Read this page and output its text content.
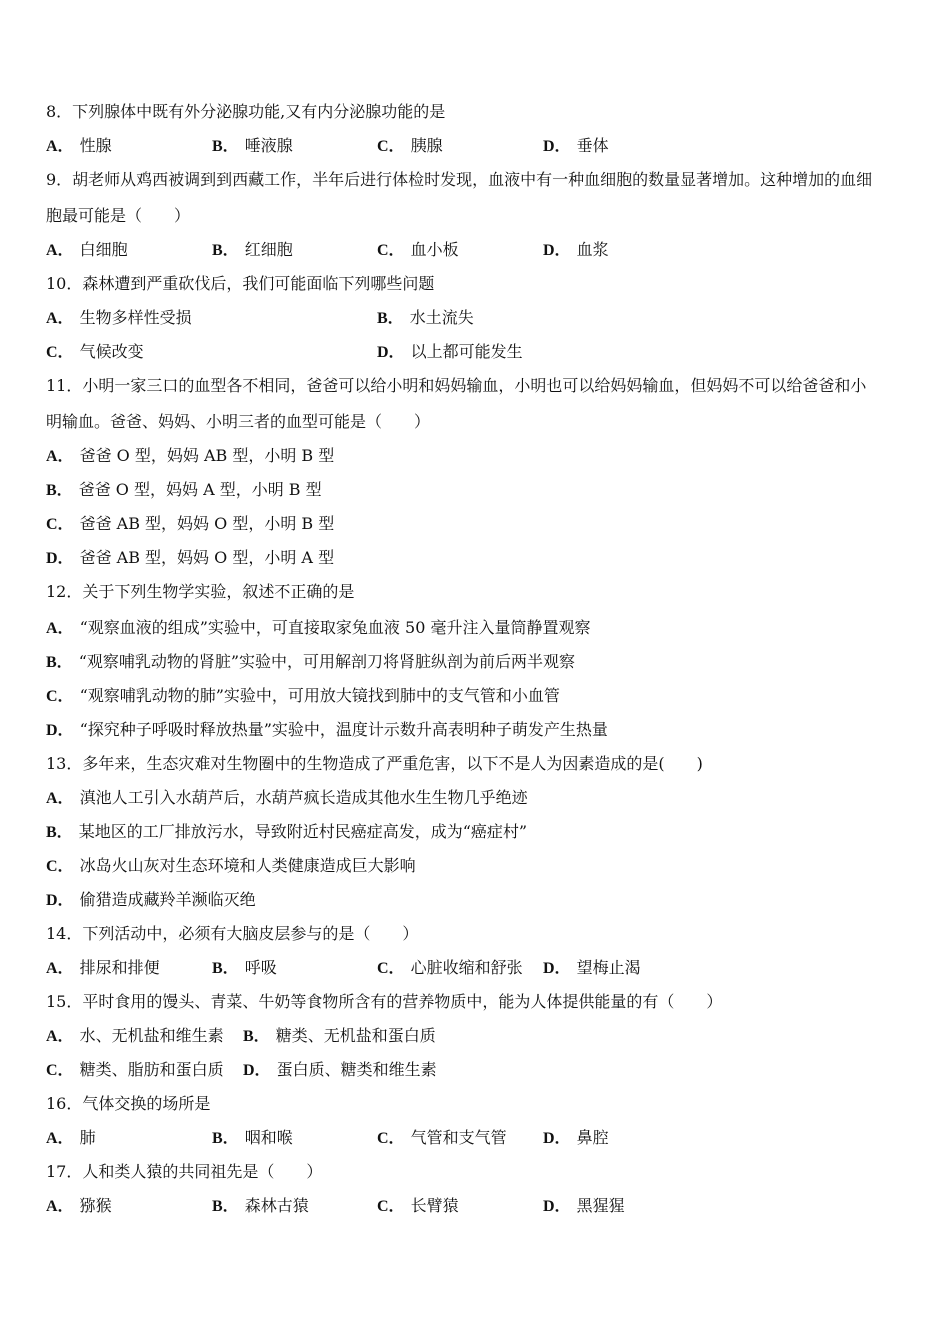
8．下列腺体中既有外分泌腺功能,又有内分泌腺功能的是
A． 性腺	B． 唾液腺	C． 胰腺	D． 垂体
9．胡老师从鸡西被调到到西藏工作，半年后进行体检时发现，血液中有一种血细胞的数量显著增加。这种增加的血细
胞最可能是（　　）
A． 白细胞	B． 红细胞	C． 血小板	D． 血浆
10．森林遭到严重砍伐后，我们可能面临下列哪些问题
A． 生物多样性受损	B． 水土流失
C． 气候改变	D． 以上都可能发生
11．小明一家三口的血型各不相同，爸爸可以给小明和妈妈输血，小明也可以给妈妈输血，但妈妈不可以给爸爸和小
明输血。爸爸、妈妈、小明三者的血型可能是（　　）
A． 爸爸 O 型，妈妈 AB 型，小明 B 型
B． 爸爸 O 型，妈妈 A 型，小明 B 型
C． 爸爸 AB 型，妈妈 O 型，小明 B 型
D． 爸爸 AB 型，妈妈 O 型，小明 A 型
12．关于下列生物学实验，叙述不正确的是
A． “观察血液的组成”实验中，可直接取家兔血液 50 毫升注入量筒静置观察
B． “观察哺乳动物的肾脏”实验中，可用解剖刀将肾脏纵剖为前后两半观察
C． “观察哺乳动物的肺”实验中，可用放大镜找到肺中的支气管和小血管
D． “探究种子呼吸时释放热量”实验中，温度计示数升高表明种子萌发产生热量
13．多年来，生态灾难对生物圈中的生物造成了严重危害，以下不是人为因素造成的是(　　)
A． 滇池人工引入水葫芦后，水葫芦疯长造成其他水生生物几乎绝迹
B． 某地区的工厂排放污水，导致附近村民癌症高发，成为“癌症村”
C． 冰岛火山灰对生态环境和人类健康造成巨大影响
D． 偷猎造成藏羚羊濒临灭绝
14．下列活动中，必须有大脑皮层参与的是（　　）
A． 排尿和排便	B． 呼吸	C． 心脏收缩和舒张 D． 望梅止渴
15．平时食用的馒头、青菜、牛奶等食物所含有的营养物质中，能为人体提供能量的有（　　）
A． 水、无机盐和维生素 B． 糖类、无机盐和蛋白质
C． 糖类、脂肪和蛋白质 D． 蛋白质、糖类和维生素
16．气体交换的场所是
A． 肺	B． 咽和喉	C． 气管和支气管 D． 鼻腔
17．人和类人猿的共同祖先是（　　）
A． 猕猴	B． 森林古猿	C． 长臂猿	D． 黑猩猩
